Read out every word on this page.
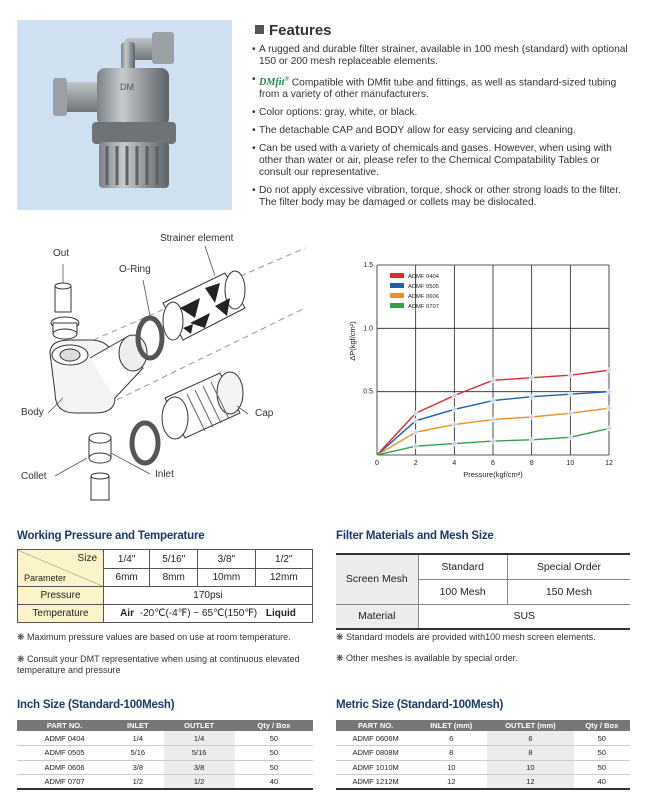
DM
Features
• A rugged and durable filter strainer, available in 100 mesh (standard) with optional 150 or 200 mesh replaceable elements.
• DMfit® Compatible with DMfit tube and fittings, as well as standard-sized tubing from a variety of other manufacturers.
• Color options: gray, white, or black.
• The detachable CAP and BODY allow for easy servicing and cleaning.
• Can be used with a variety of chemicals and gases. However, when using with other than water or air, please refer to the Chemical Compatability Tables or consult our representative.
• Do not apply excessive vibration, torque, shock or other strong loads to the filter. The filter body may be damaged or collets may be dislocated.
Strainer element
Out
O-Ring
Body	Cap
Collet	Inlet
0	2	4	6	8	10	12
0.5
1.0
1.5
Pressure(kgf/cm²)
ΔP(kgf/cm²)
ADMF 0404
ADMF 0505
ADMF 0606
ADMF 0707
Working Pressure and Temperature
Size
Parameter	1/4"	5/16"	3/8"	1/2"
	6mm	8mm	10mm	12mm
Pressure	170psi			
Temperature	Air -20℃(-4℉) ~ 65℃(150℉) Liquid			
❋ Maximum pressure values are based on use at room temperature.
❋ Consult your DMT representative when using at continuous elevated temperature and pressure
Filter Materials and Mesh Size
Screen Mesh	Standard	Special Order
	100 Mesh	150 Mesh
Material	SUS	
❋ Standard models are provided with100 mesh screen elements.
❋ Other meshes is available by special order.
Inch Size (Standard-100Mesh)
PART NO.	INLET	OUTLET	Qty / Box
ADMF 0404	1/4	1/4	50
ADMF 0505	5/16	5/16	50
ADMF 0606	3/8	3/8	50
ADMF 0707	1/2	1/2	40
Metric Size (Standard-100Mesh)
PART NO.	INLET (mm)	OUTLET (mm)	Qty / Box
ADMF 0606M	6	6	50
ADMF 0808M	8	8	50
ADMF 1010M	10	10	50
ADMF 1212M	12	12	40
